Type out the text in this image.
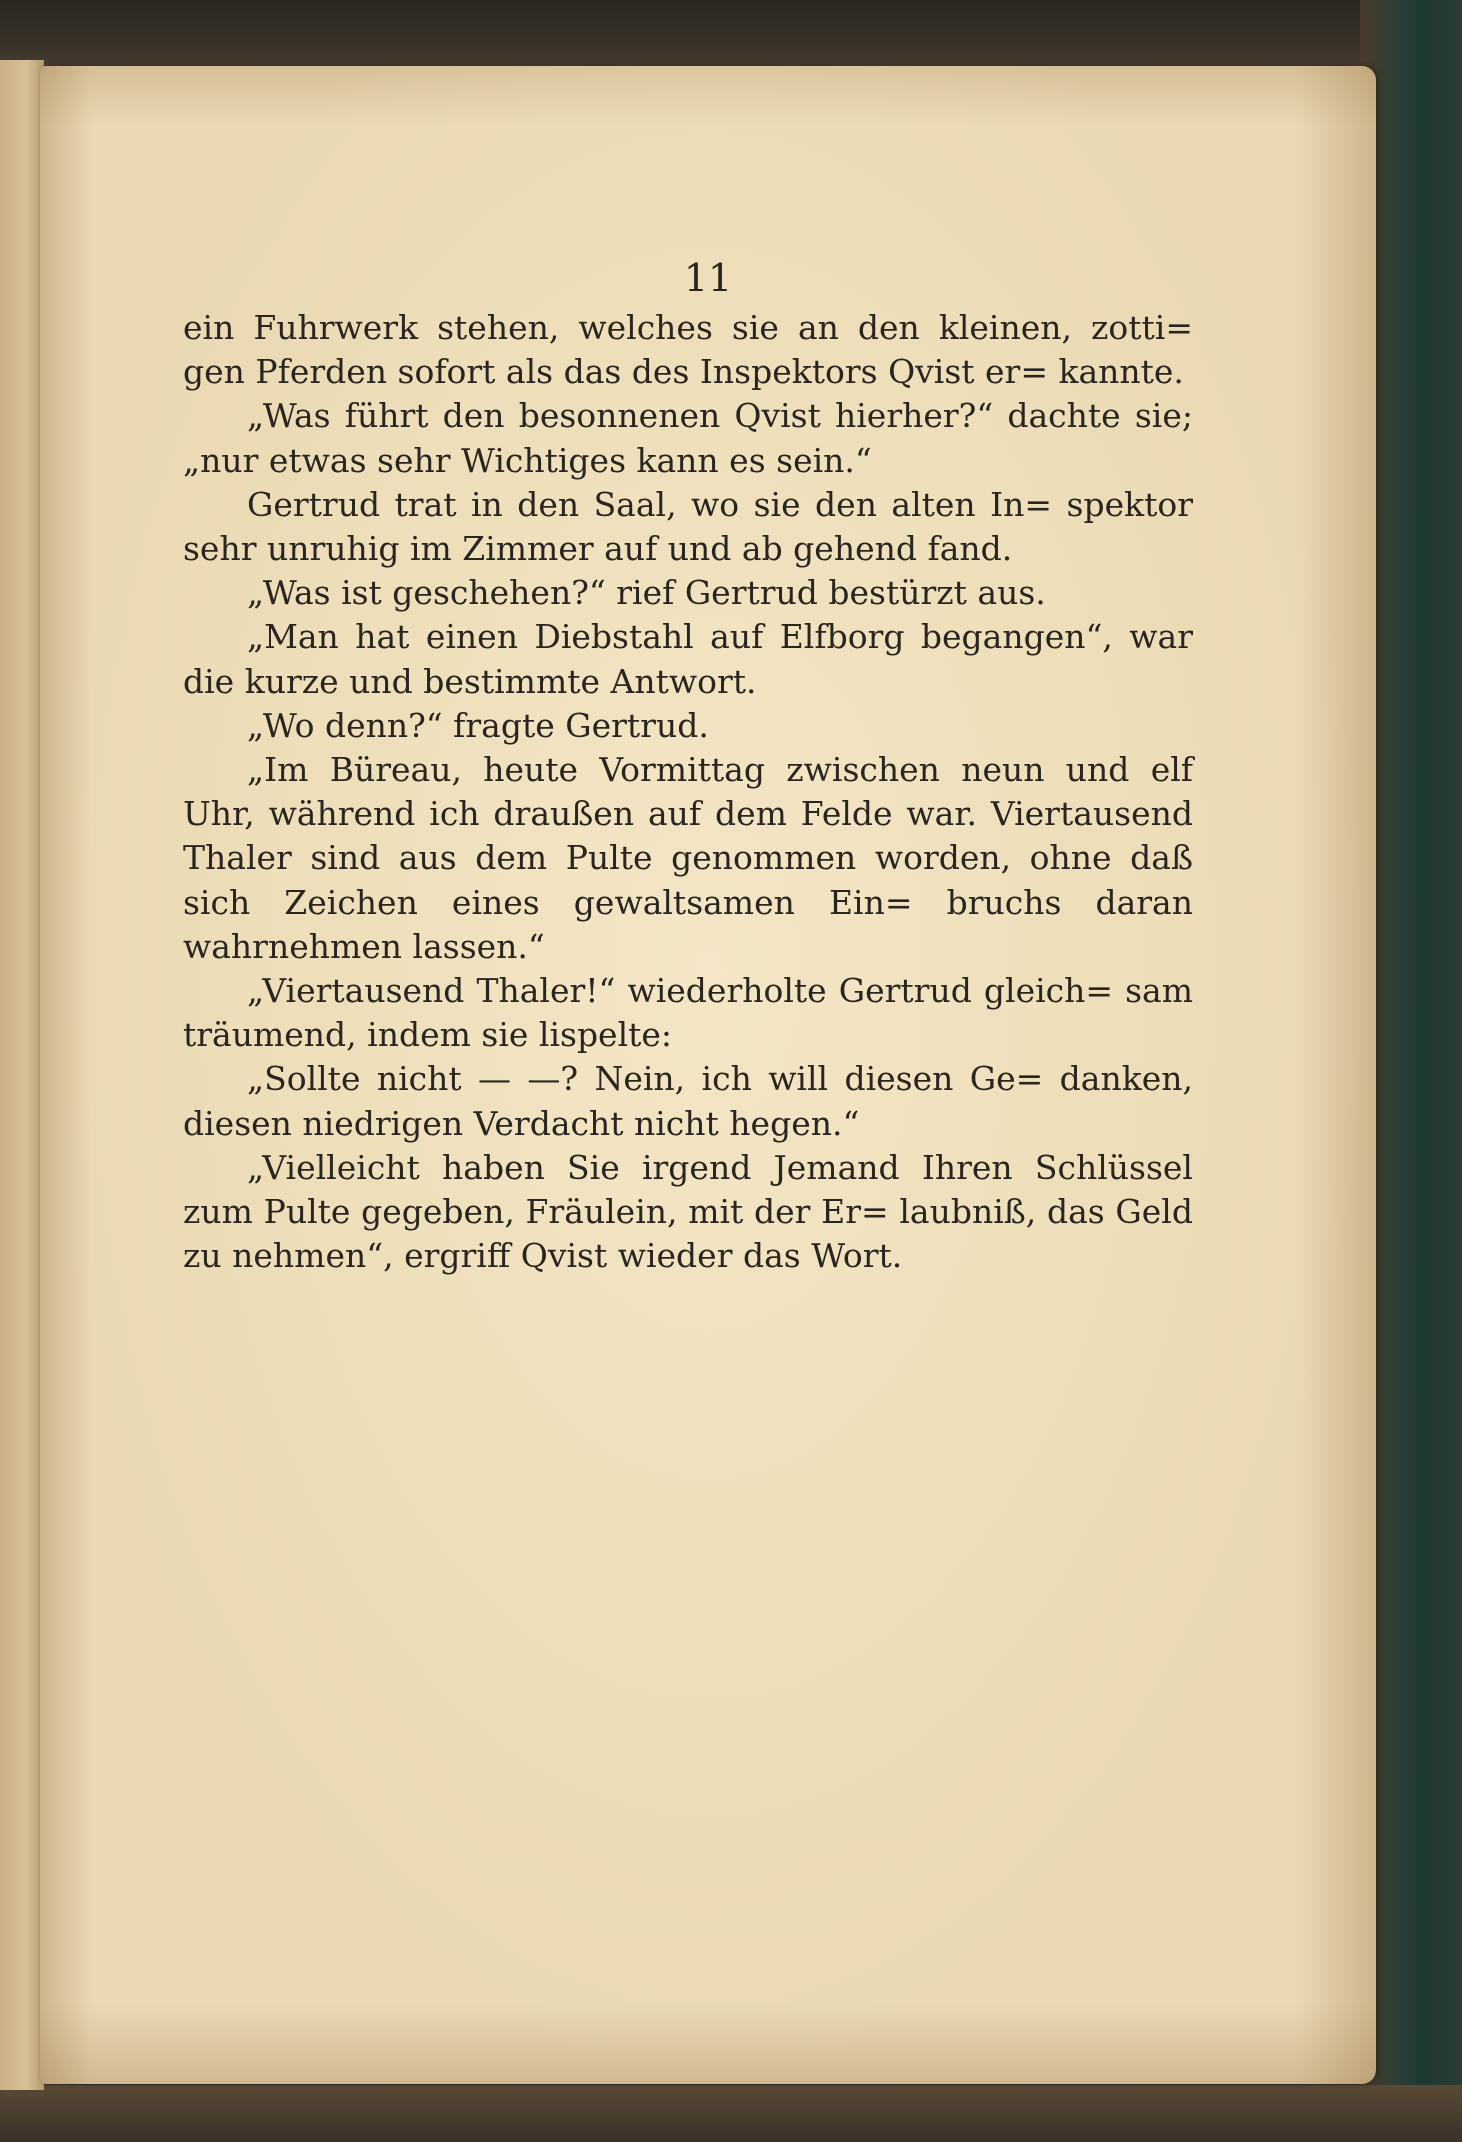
11

ein Fuhrwerk stehen, welches sie an den kleinen, zotti= gen Pferden sofort als das des Inspektors Qvist er= kannte.

„Was führt den besonnenen Qvist hierher?“ dachte sie; „nur etwas sehr Wichtiges kann es sein.“

Gertrud trat in den Saal, wo sie den alten In= spektor sehr unruhig im Zimmer auf und ab gehend fand.

„Was ist geschehen?“ rief Gertrud bestürzt aus.

„Man hat einen Diebstahl auf Elfborg begangen“, war die kurze und bestimmte Antwort.

„Wo denn?“ fragte Gertrud.

„Im Büreau, heute Vormittag zwischen neun und elf Uhr, während ich draußen auf dem Felde war. Viertausend Thaler sind aus dem Pulte genommen worden, ohne daß sich Zeichen eines gewaltsamen Ein= bruchs daran wahrnehmen lassen.“

„Viertausend Thaler!“ wiederholte Gertrud gleich= sam träumend, indem sie lispelte:

„Sollte nicht — —? Nein, ich will diesen Ge= danken, diesen niedrigen Verdacht nicht hegen.“

„Vielleicht haben Sie irgend Jemand Ihren Schlüssel zum Pulte gegeben, Fräulein, mit der Er= laubniß, das Geld zu nehmen“, ergriff Qvist wieder das Wort.
